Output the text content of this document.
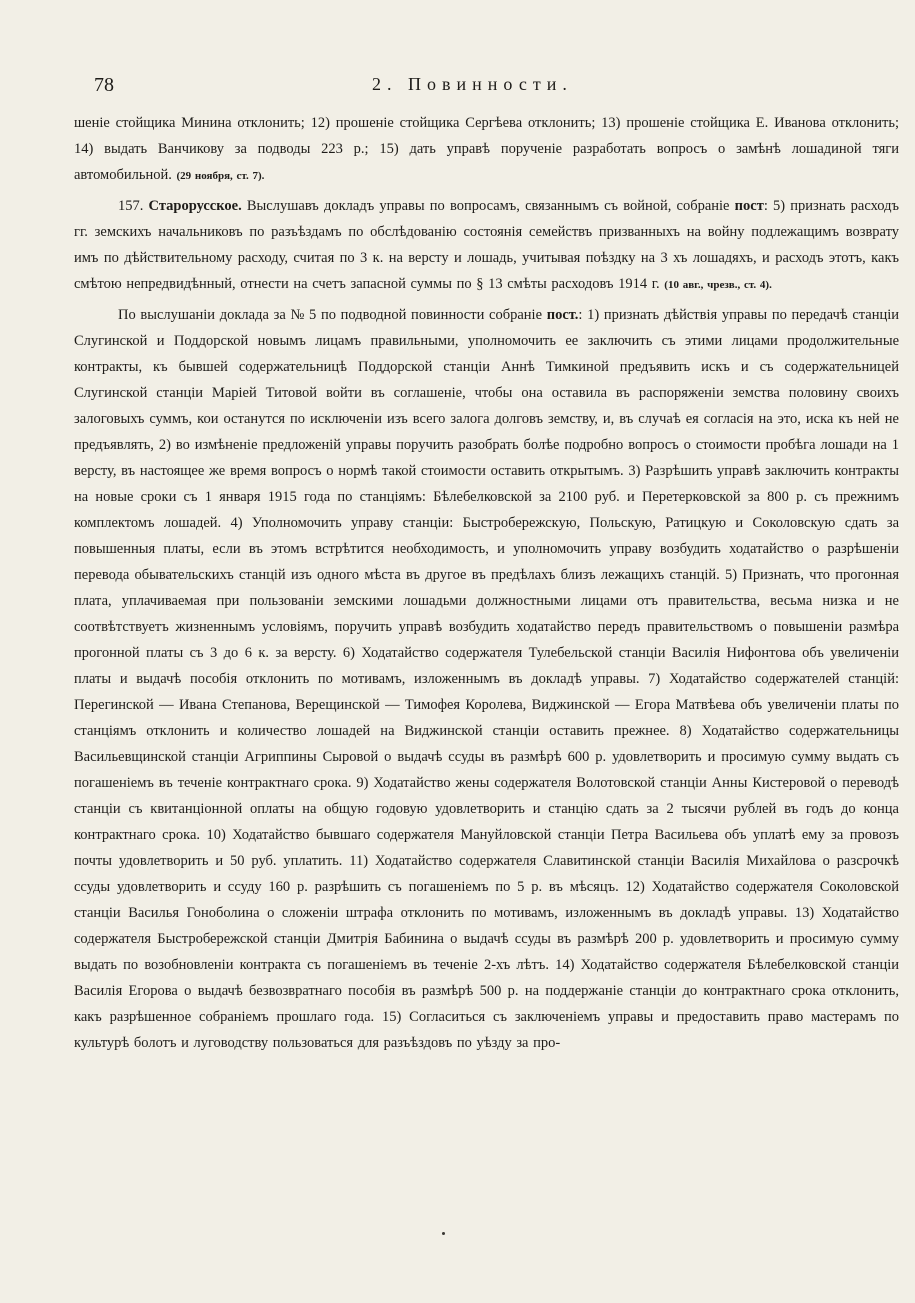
78	2. Повинности.

шеніе стойщика Минина отклонить; 12) прошеніе стойщика Сергѣева отклонить; 13) прошеніе стойщика Е. Иванова отклонить; 14) выдать Ванчикову за подводы 223 р.; 15) дать управѣ порученіе разработать вопросъ о замѣнѣ лошадиной тяги автомобильной. (29 ноября, ст. 7).

157. Старорусское. Выслушавъ докладъ управы по вопросамъ, связаннымъ съ войной, собраніе пост: 5) признать расходъ гг. земскихъ начальниковъ по разъѣздамъ по обслѣдованію состоянія семействъ призванныхъ на войну подлежащимъ возврату имъ по дѣйствительному расходу, считая по 3 к. на версту и лошадь, учитывая поѣздку на 3 хъ лошадяхъ, и расходъ этотъ, какъ смѣтою непредвидѣнный, отнести на счетъ запасной суммы по § 13 смѣты расходовъ 1914 г. (10 авг., чрезв., ст. 4).

По выслушаніи доклада за № 5 по подводной повинности собраніе пост.: 1) признать дѣйствія управы по передачѣ станціи Слугинской и Поддорской новымъ лицамъ правильными, уполномочить ее заключить съ этими лицами продолжительные контракты, къ бывшей содержательницѣ Поддорской станціи Аннѣ Тимкиной предъявить искъ и съ содержательницей Слугинской станціи Маріей Титовой войти въ соглашеніе, чтобы она оставила въ распоряженіи земства половину своихъ залоговыхъ суммъ, кои останутся по исключеніи изъ всего залога долговъ земству, и, въ случаѣ ея согласія на это, иска къ ней не предъявлять, 2) во измѣненіе предложеній управы поручить разобрать болѣе подробно вопросъ о стоимости пробѣга лошади на 1 версту, въ настоящее же время вопросъ о нормѣ такой стоимости оставить открытымъ. 3) Разрѣшить управѣ заключить контракты на новые сроки съ 1 января 1915 года по станціямъ: Бѣлебелковской за 2100 руб. и Перетерковской за 800 р. съ прежнимъ комплектомъ лошадей. 4) Уполномочить управу станціи: Быстробережскую, Польскую, Ратицкую и Соколовскую сдать за повышенныя платы, если въ этомъ встрѣтится необходимость, и уполномочить управу возбудить ходатайство о разрѣшеніи перевода обывательскихъ станцій изъ одного мѣста въ другое въ предѣлахъ близъ лежащихъ станцій. 5) Признать, что прогонная плата, уплачиваемая при пользованіи земскими лошадьми должностными лицами отъ правительства, весьма низка и не соотвѣтствуетъ жизненнымъ условіямъ, поручить управѣ возбудить ходатайство передъ правительствомъ о повышеніи размѣра прогонной платы съ 3 до 6 к. за версту. 6) Ходатайство содержателя Тулебельской станціи Василія Нифонтова объ увеличеніи платы и выдачѣ пособія отклонить по мотивамъ, изложеннымъ въ докладѣ управы. 7) Ходатайство содержателей станцій: Перегинской — Ивана Степанова, Верещинской — Тимофея Королева, Виджинской — Егора Матвѣева объ увеличеніи платы по станціямъ отклонить и количество лошадей на Виджинской станціи оставить прежнее. 8) Ходатайство содержательницы Васильевщинской станціи Агриппины Сыровой о выдачѣ ссуды въ размѣрѣ 600 р. удовлетворить и просимую сумму выдать съ погашеніемъ въ теченіе контрактнаго срока. 9) Ходатайство жены содержателя Волотовской станціи Анны Кистеровой о переводѣ станціи съ квитанціонной оплаты на общую годовую удовлетворить и станцію сдать за 2 тысячи рублей въ годъ до конца контрактнаго срока. 10) Ходатайство бывшаго содержателя Мануйловской станціи Петра Васильева объ уплатѣ ему за провозъ почты удовлетворить и 50 руб. уплатить. 11) Ходатайство содержателя Славитинской станціи Василія Михайлова о разсрочкѣ ссуды удовлетворить и ссуду 160 р. разрѣшить съ погашеніемъ по 5 р. въ мѣсяцъ. 12) Ходатайство содержателя Соколовской станціи Василья Гоноболина о сложеніи штрафа отклонить по мотивамъ, изложеннымъ въ докладѣ управы. 13) Ходатайство содержателя Быстробережской станціи Дмитрія Бабинина о выдачѣ ссуды въ размѣрѣ 200 р. удовлетворить и просимую сумму выдать по возобновленіи контракта съ погашеніемъ въ теченіе 2-хъ лѣтъ. 14) Ходатайство содержателя Бѣлебелковской станціи Василія Егорова о выдачѣ безвозвратнаго пособія въ размѣрѣ 500 р. на поддержаніе станціи до контрактнаго срока отклонить, какъ разрѣшенное собраніемъ прошлаго года. 15) Согласиться съ заключеніемъ управы и предоставить право мастерамъ по культурѣ болотъ и луговодству пользоваться для разъѣздовъ по уѣзду за про-
